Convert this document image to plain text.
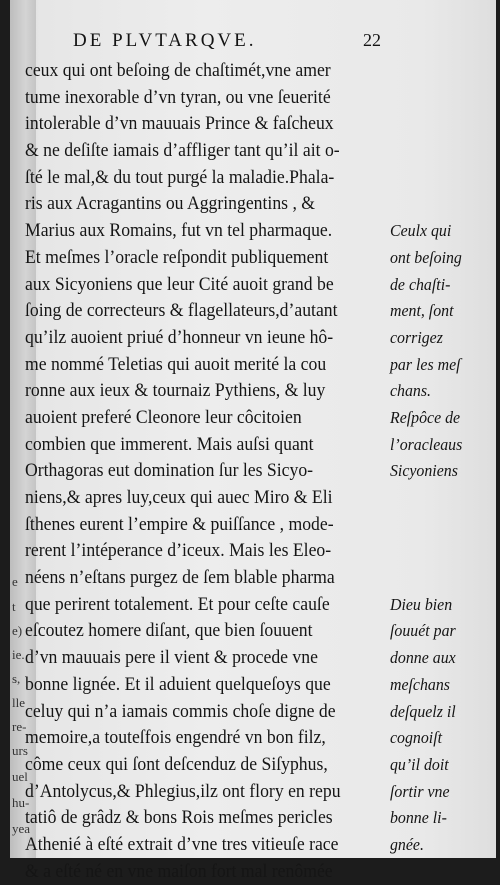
e
t
e)
ie.
s,
lle
re-
urs
uel
hu-
yea
DE PLVTARQVE.	22
ceux qui ont beſoing de chaſtimét,vne amer
tume inexorable d’vn tyran, ou vne ſeuerité
intolerable d’vn mauuais Prince & faſcheux
& ne deſiſte iamais d’affliger tant qu’il ait o-
ſté le mal,& du tout purgé la maladie.Phala-
ris aux Acragantins ou Aggringentins , &
Marius aux Romains, fut vn tel pharmaque.
Et meſmes l’oracle reſpondit publiquement
aux Sicyoniens que leur Cité auoit grand be
ſoing de correcteurs & flagellateurs,d’autant
qu’ilz auoient priué d’honneur vn ieune hô-
me nommé Teletias qui auoit merité la cou
ronne aux ieux & tournaiz Pythiens, & luy
auoient preferé Cleonore leur côcitoien
combien que immerent. Mais auſsi quant
Orthagoras eut domination ſur les Sicyo-
niens,& apres luy,ceux qui auec Miro & Eli
ſthenes eurent l’empire & puiſſance , mode-
rerent l’intéperance d’iceux. Mais les Eleo-
néens n’eſtans purgez de ſem blable pharma
que perirent totalement. Et pour ceſte cauſe
eſcoutez homere diſant, que bien ſouuent
d’vn mauuais pere il vient & procede vne
bonne lignée. Et il aduient quelqueſoys que
celuy qui n’a iamais commis choſe digne de
memoire,a touteſfois engendré vn bon filz,
côme ceux qui ſont deſcenduz de Siſyphus,
d’Antolycus,& Phlegius,ilz ont flory en repu
tatiô de grâdz & bons Rois meſmes pericles
Athenié à eſté extrait d’vne tres vitieuſe race
& a eſté né en vne maiſon fort mal renômée
Ceulx qui
ont beſoing
de chaſti-
ment, ſont
corrigez
par les meſ
chans.
Reſpôce de
l’oracleaus
Sicyoniens
Dieu bien
ſouuét par
donne aux
meſchans
deſquelz il
cognoiſt
qu’il doit
ſortir vne
bonne li-
gnée.
